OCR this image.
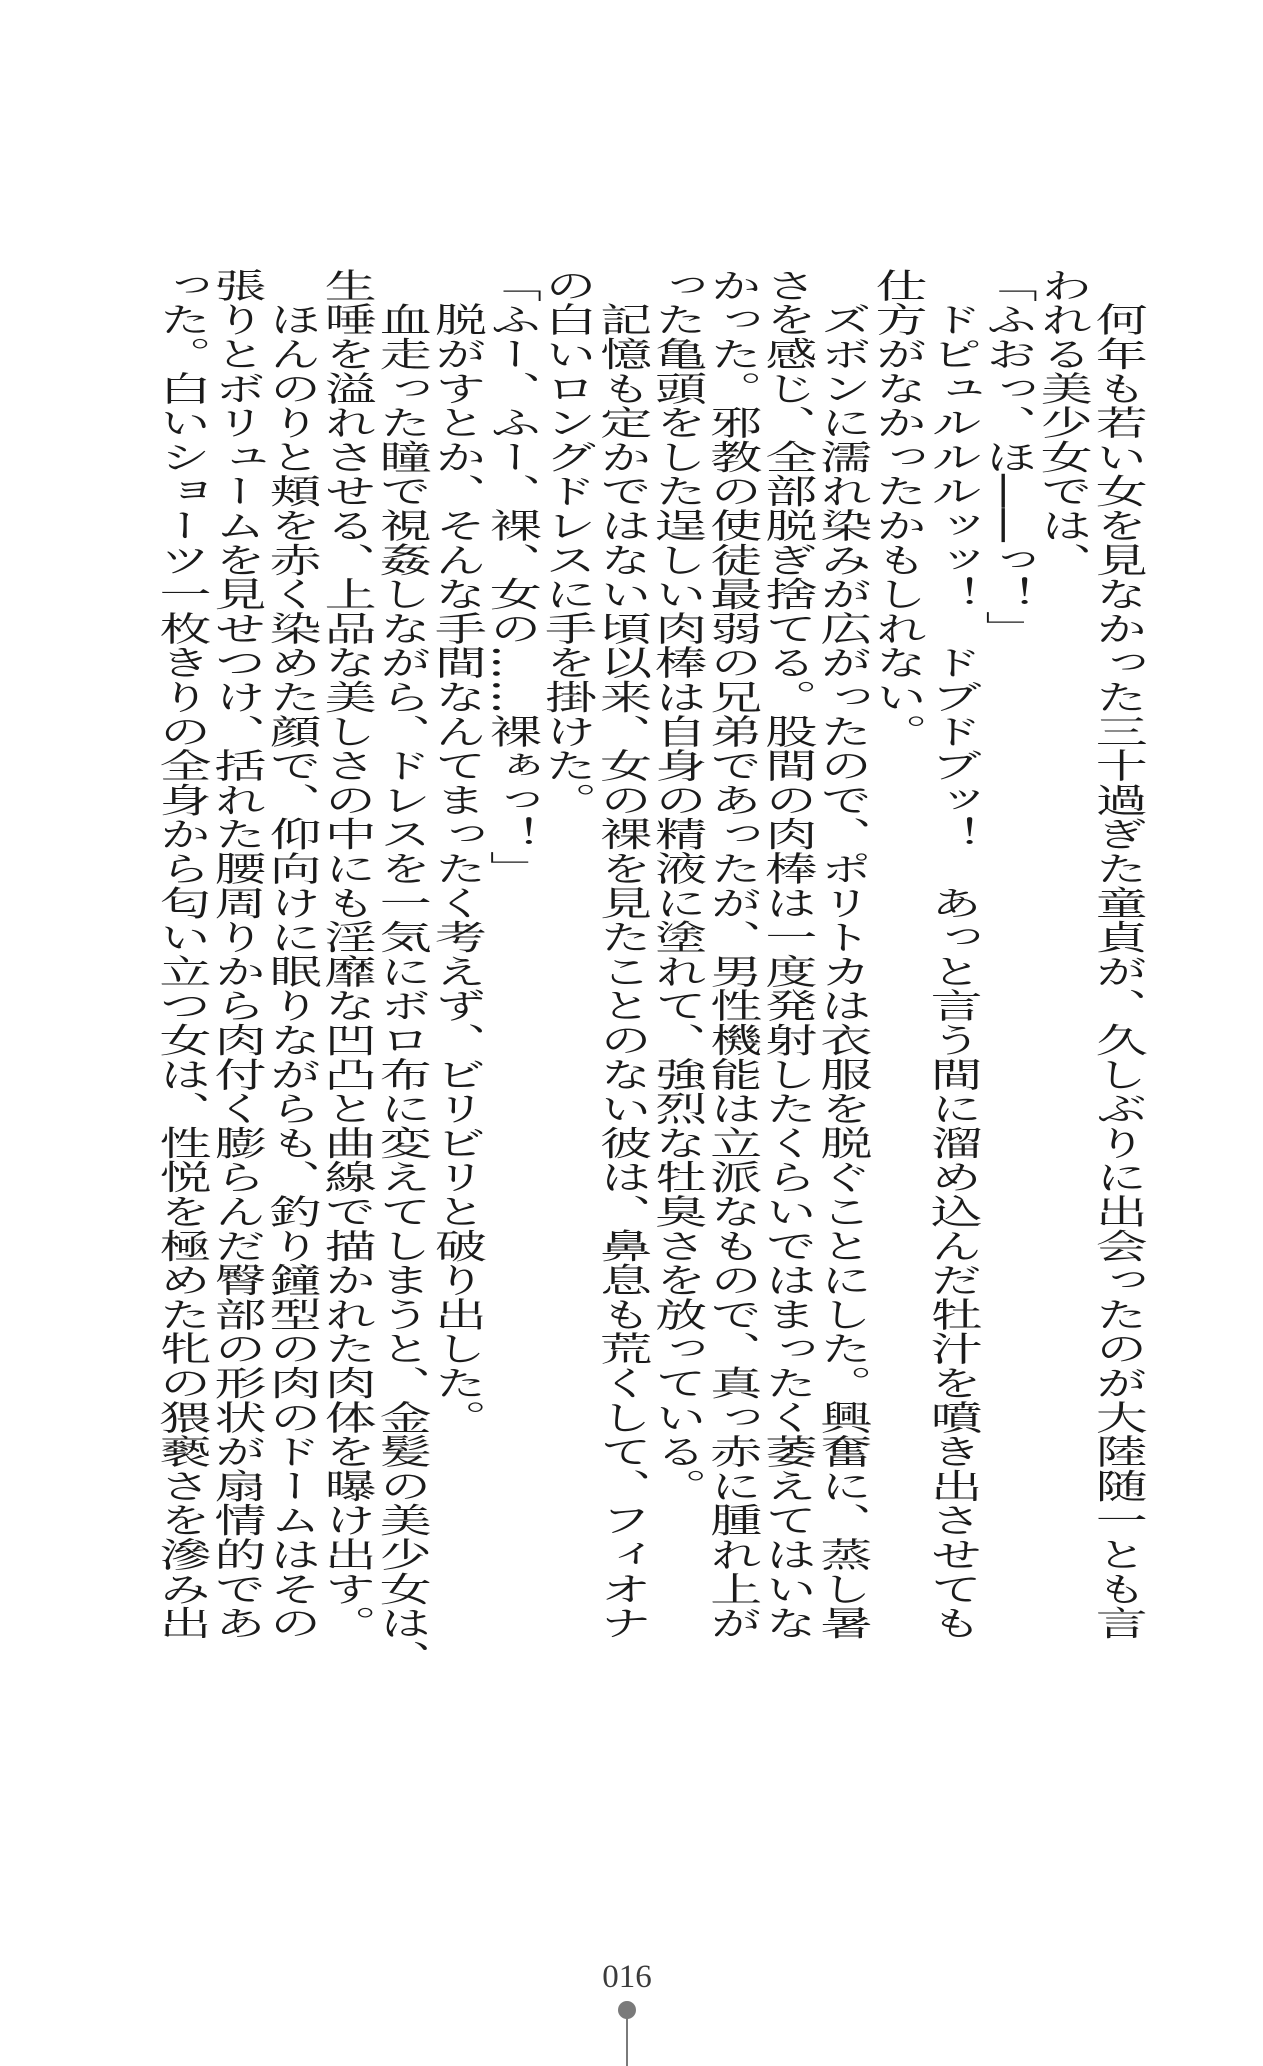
　何年も若い女を見なかった三十過ぎた童貞が、久しぶりに出会ったのが大陸随一とも言
われる美少女では、
「ふおっ、ほ――っ！」
　ドピュルルルッッ！　ドブドブッ！　あっと言う間に溜め込んだ牡汁を噴き出させても
仕方がなかったかもしれない。
　ズボンに濡れ染みが広がったので、ポリトカは衣服を脱ぐことにした。興奮に、蒸し暑
さを感じ、全部脱ぎ捨てる。股間の肉棒は一度発射したくらいではまったく萎えてはいな
かった。邪教の使徒最弱の兄弟であったが、男性機能は立派なもので、真っ赤に腫れ上が
った亀頭をした逞しい肉棒は自身の精液に塗れて、強烈な牡臭さを放っている。
　記憶も定かではない頃以来、女の裸を見たことのない彼は、鼻息も荒くして、フィオナ
の白いロングドレスに手を掛けた。
「ふー、ふー、裸、女の……裸ぁっ！」
　脱がすとか、そんな手間なんてまったく考えず、ビリビリと破り出した。
　血走った瞳で視姦しながら、ドレスを一気にボロ布に変えてしまうと、金髪の美少女は、
生唾を溢れさせる、上品な美しさの中にも淫靡な凹凸と曲線で描かれた肉体を曝け出す。
　ほんのりと頬を赤く染めた顔で、仰向けに眠りながらも、釣り鐘型の肉のドームはその
張りとボリュームを見せつけ、括れた腰周りから肉付く膨らんだ臀部の形状が扇情的であ
った。白いショーツ一枚きりの全身から匂い立つ女は、性悦を極めた牝の猥褻さを滲み出
016
